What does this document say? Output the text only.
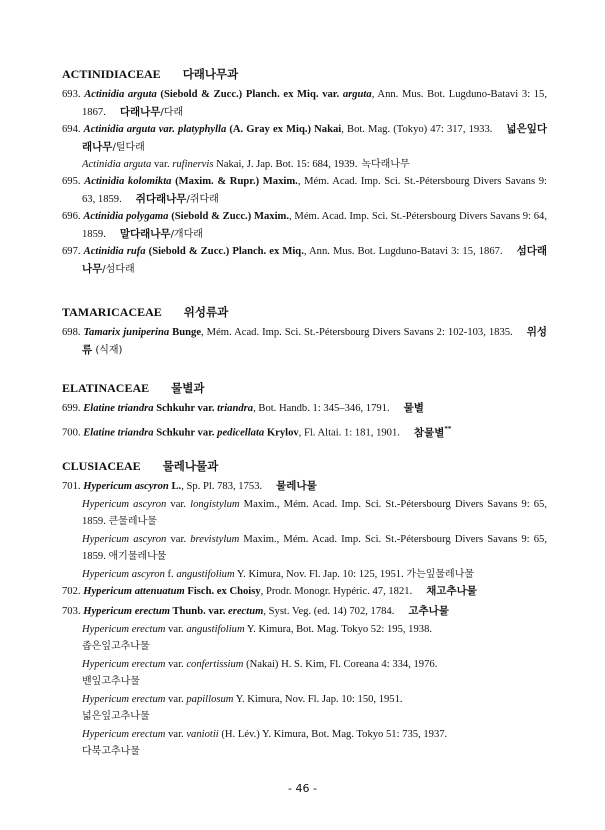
ACTINIDIACEAE 다래나무과

693. Actinidia arguta (Siebold & Zucc.) Planch. ex Miq. var. arguta, Ann. Mus. Bot. Lugduno-Batavi 3: 15, 1867. 다래나무/다래

694. Actinidia arguta var. platyphylla (A. Gray ex Miq.) Nakai, Bot. Mag. (Tokyo) 47: 317, 1933. 넓은잎다래나무/털다래

Actinidia arguta var. rufinervis Nakai, J. Jap. Bot. 15: 684, 1939. 녹다래나무

695. Actinidia kolomikta (Maxim. & Rupr.) Maxim., Mém. Acad. Imp. Sci. St.-Pétersbourg Divers Savans 9: 63, 1859. 쥐다래나무/쥐다래

696. Actinidia polygama (Siebold & Zucc.) Maxim., Mém. Acad. Imp. Sci. St.-Pétersbourg Divers Savans 9: 64, 1859. 말다래나무/개다래

697. Actinidia rufa (Siebold & Zucc.) Planch. ex Miq., Ann. Mus. Bot. Lugduno-Batavi 3: 15, 1867. 섬다래나무/섬다래

TAMARICACEAE 위성류과

698. Tamarix juniperina Bunge, Mém. Acad. Imp. Sci. St.-Pétersbourg Divers Savans 2: 102-103, 1835. 위성류 (식재)

ELATINACEAE 물별과

699. Elatine triandra Schkuhr var. triandra, Bot. Handb. 1: 345‒346, 1791. 물별

700. Elatine triandra Schkuhr var. pedicellata Krylov, Fl. Altai. 1: 181, 1901. 참물별**

CLUSIACEAE 물레나물과

701. Hypericum ascyron L., Sp. Pl. 783, 1753. 물레나물

Hypericum ascyron var. longistylum Maxim., Mém. Acad. Imp. Sci. St.-Pétersbourg Divers Savans 9: 65, 1859. 큰물레나물

Hypericum ascyron var. brevistylum Maxim., Mém. Acad. Imp. Sci. St.-Pétersbourg Divers Savans 9: 65, 1859. 애기물레나물

Hypericum ascyron f. angustifolium Y. Kimura, Nov. Fl. Jap. 10: 125, 1951. 가는잎물레나물

702. Hypericum attenuatum Fisch. ex Choisy, Prodr. Monogr. Hypéric. 47, 1821. 채고추나물

703. Hypericum erectum Thunb. var. erectum, Syst. Veg. (ed. 14) 702, 1784. 고추나물

Hypericum erectum var. angustifolium Y. Kimura, Bot. Mag. Tokyo 52: 195, 1938.
좁은잎고추나물

Hypericum erectum var. confertissium (Nakai) H. S. Kim, Fl. Coreana 4: 334, 1976.
밴잎고추나물

Hypericum erectum var. papillosum Y. Kimura, Nov. Fl. Jap. 10: 150, 1951.
넓은잎고추나물

Hypericum erectum var. vaniotii (H. Lév.) Y. Kimura, Bot. Mag. Tokyo 51: 735, 1937.
다북고추나물

- 46 -
